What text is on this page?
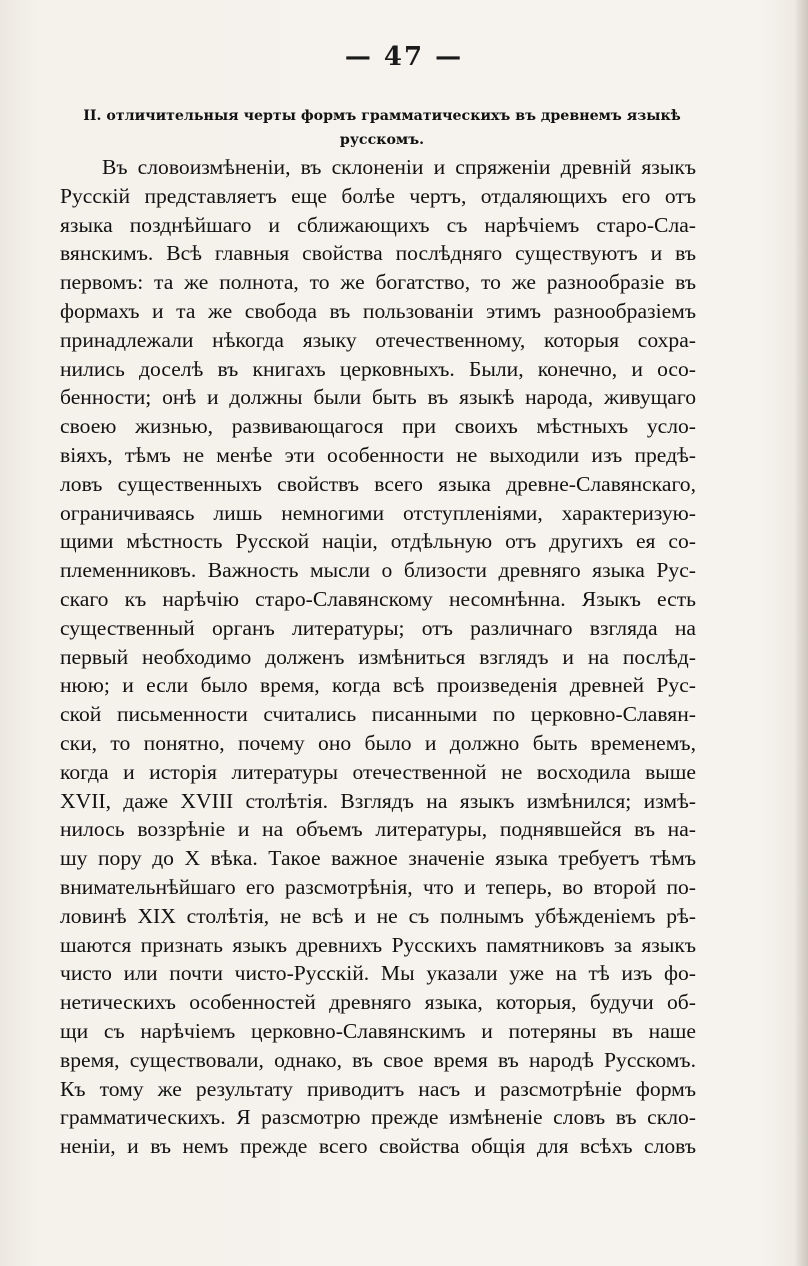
— 47 —
II. отличительныя черты формъ грамматическихъ въ древнемъ языкѣ
русскомъ.
Въ словоизмѣненіи, въ склоненіи и спряженіи древній языкъ
Русскій представляетъ еще болѣе чертъ, отдаляющихъ его отъ
языка позднѣйшаго и сближающихъ съ нарѣчіемъ старо-Сла-
вянскимъ. Всѣ главныя свойства послѣдняго существуютъ и въ
первомъ: та же полнота, то же богатство, то же разнообразіе въ
формахъ и та же свобода въ пользованіи этимъ разнообразіемъ
принадлежали нѣкогда языку отечественному, которыя сохра-
нились доселѣ въ книгахъ церковныхъ. Были, конечно, и осо-
бенности; онѣ и должны были быть въ языкѣ народа, живущаго
своею жизнью, развивающагося при своихъ мѣстныхъ усло-
віяхъ, тѣмъ не менѣе эти особенности не выходили изъ предѣ-
ловъ существенныхъ свойствъ всего языка древне-Славянскаго,
ограничиваясь лишь немногими отступленіями, характеризую-
щими мѣстность Русской націи, отдѣльную отъ другихъ ея со-
племенниковъ. Важность мысли о близости древняго языка Рус-
скаго къ нарѣчію старо-Славянскому несомнѣнна. Языкъ есть
существенный органъ литературы; отъ различнаго взгляда на
первый необходимо долженъ измѣниться взглядъ и на послѣд-
нюю; и если было время, когда всѣ произведенія древней Рус-
ской письменности считались писанными по церковно-Славян-
ски, то понятно, почему оно было и должно быть временемъ,
когда и исторія литературы отечественной не восходила выше
XVII, даже XVIII столѣтія. Взглядъ на языкъ измѣнился; измѣ-
нилось воззрѣніе и на объемъ литературы, поднявшейся въ на-
шу пору до X вѣка. Такое важное значеніе языка требуетъ тѣмъ
внимательнѣйшаго его разсмотрѣнія, что и теперь, во второй по-
ловинѣ XIX столѣтія, не всѣ и не съ полнымъ убѣжденіемъ рѣ-
шаются признать языкъ древнихъ Русскихъ памятниковъ за языкъ
чисто или почти чисто-Русскій. Мы указали уже на тѣ изъ фо-
нетическихъ особенностей древняго языка, которыя, будучи об-
щи съ нарѣчіемъ церковно-Славянскимъ и потеряны въ наше
время, существовали, однако, въ свое время въ народѣ Русскомъ.
Къ тому же результату приводитъ насъ и разсмотрѣніе формъ
грамматическихъ. Я разсмотрю прежде измѣненіе словъ въ скло-
неніи, и въ немъ прежде всего свойства общія для всѣхъ словъ
